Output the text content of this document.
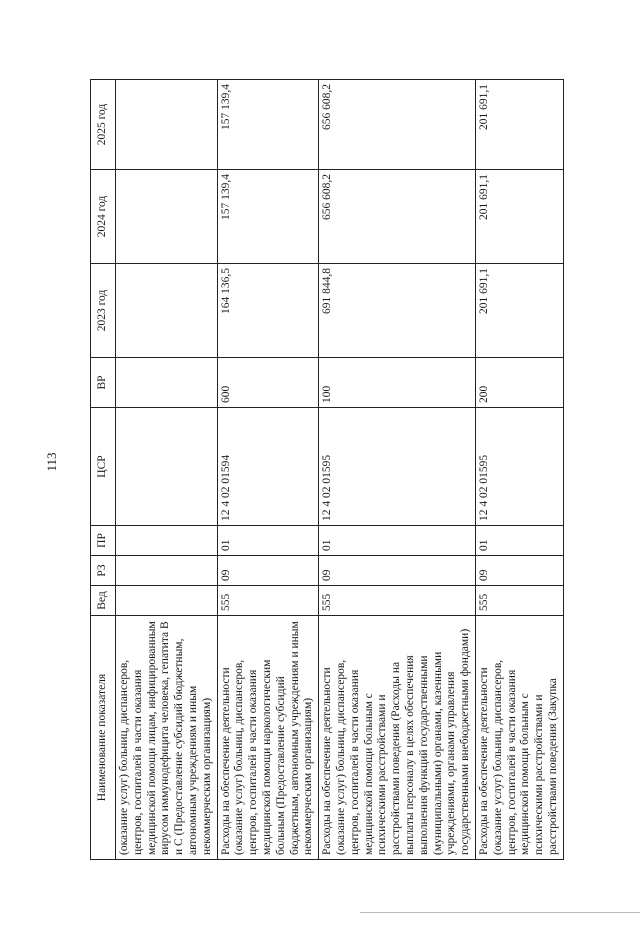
113
Наименование показателя	Вед	РЗ	ПР	ЦСР	ВР	2023 год	2024 год	2025 год
(оказание услуг) больниц, диспансеров, центров, госпиталей в части оказания медицинской помощи лицам, инфицированным вирусом иммунодефицита человека, гепатита В и С (Предоставление субсидий бюджетным, автономным учреждениям и иным некоммерческим организациям)								
Расходы на обеспечение деятельности (оказание услуг) больниц, диспансеров, центров, госпиталей в части оказания медицинской помощи наркологическим больным (Предоставление субсидий бюджетным, автономным учреждениям и иным некоммерческим организациям)	555	09	01	12 4 02 01594	600	164 136,5	157 139,4	157 139,4
Расходы на обеспечение деятельности (оказание услуг) больниц, диспансеров, центров, госпиталей в части оказания медицинской помощи больным с психическими расстройствами и расстройствами поведения (Расходы на выплаты персоналу в целях обеспечения выполнения функций государственными (муниципальными) органами, казенными учреждениями, органами управления государственными внебюджетными фондами)	555	09	01	12 4 02 01595	100	691 844,8	656 608,2	656 608,2
Расходы на обеспечение деятельности (оказание услуг) больниц, диспансеров, центров, госпиталей в части оказания медицинской помощи больным с психическими расстройствами и расстройствами поведения (Закупка	555	09	01	12 4 02 01595	200	201 691,1	201 691,1	201 691,1
